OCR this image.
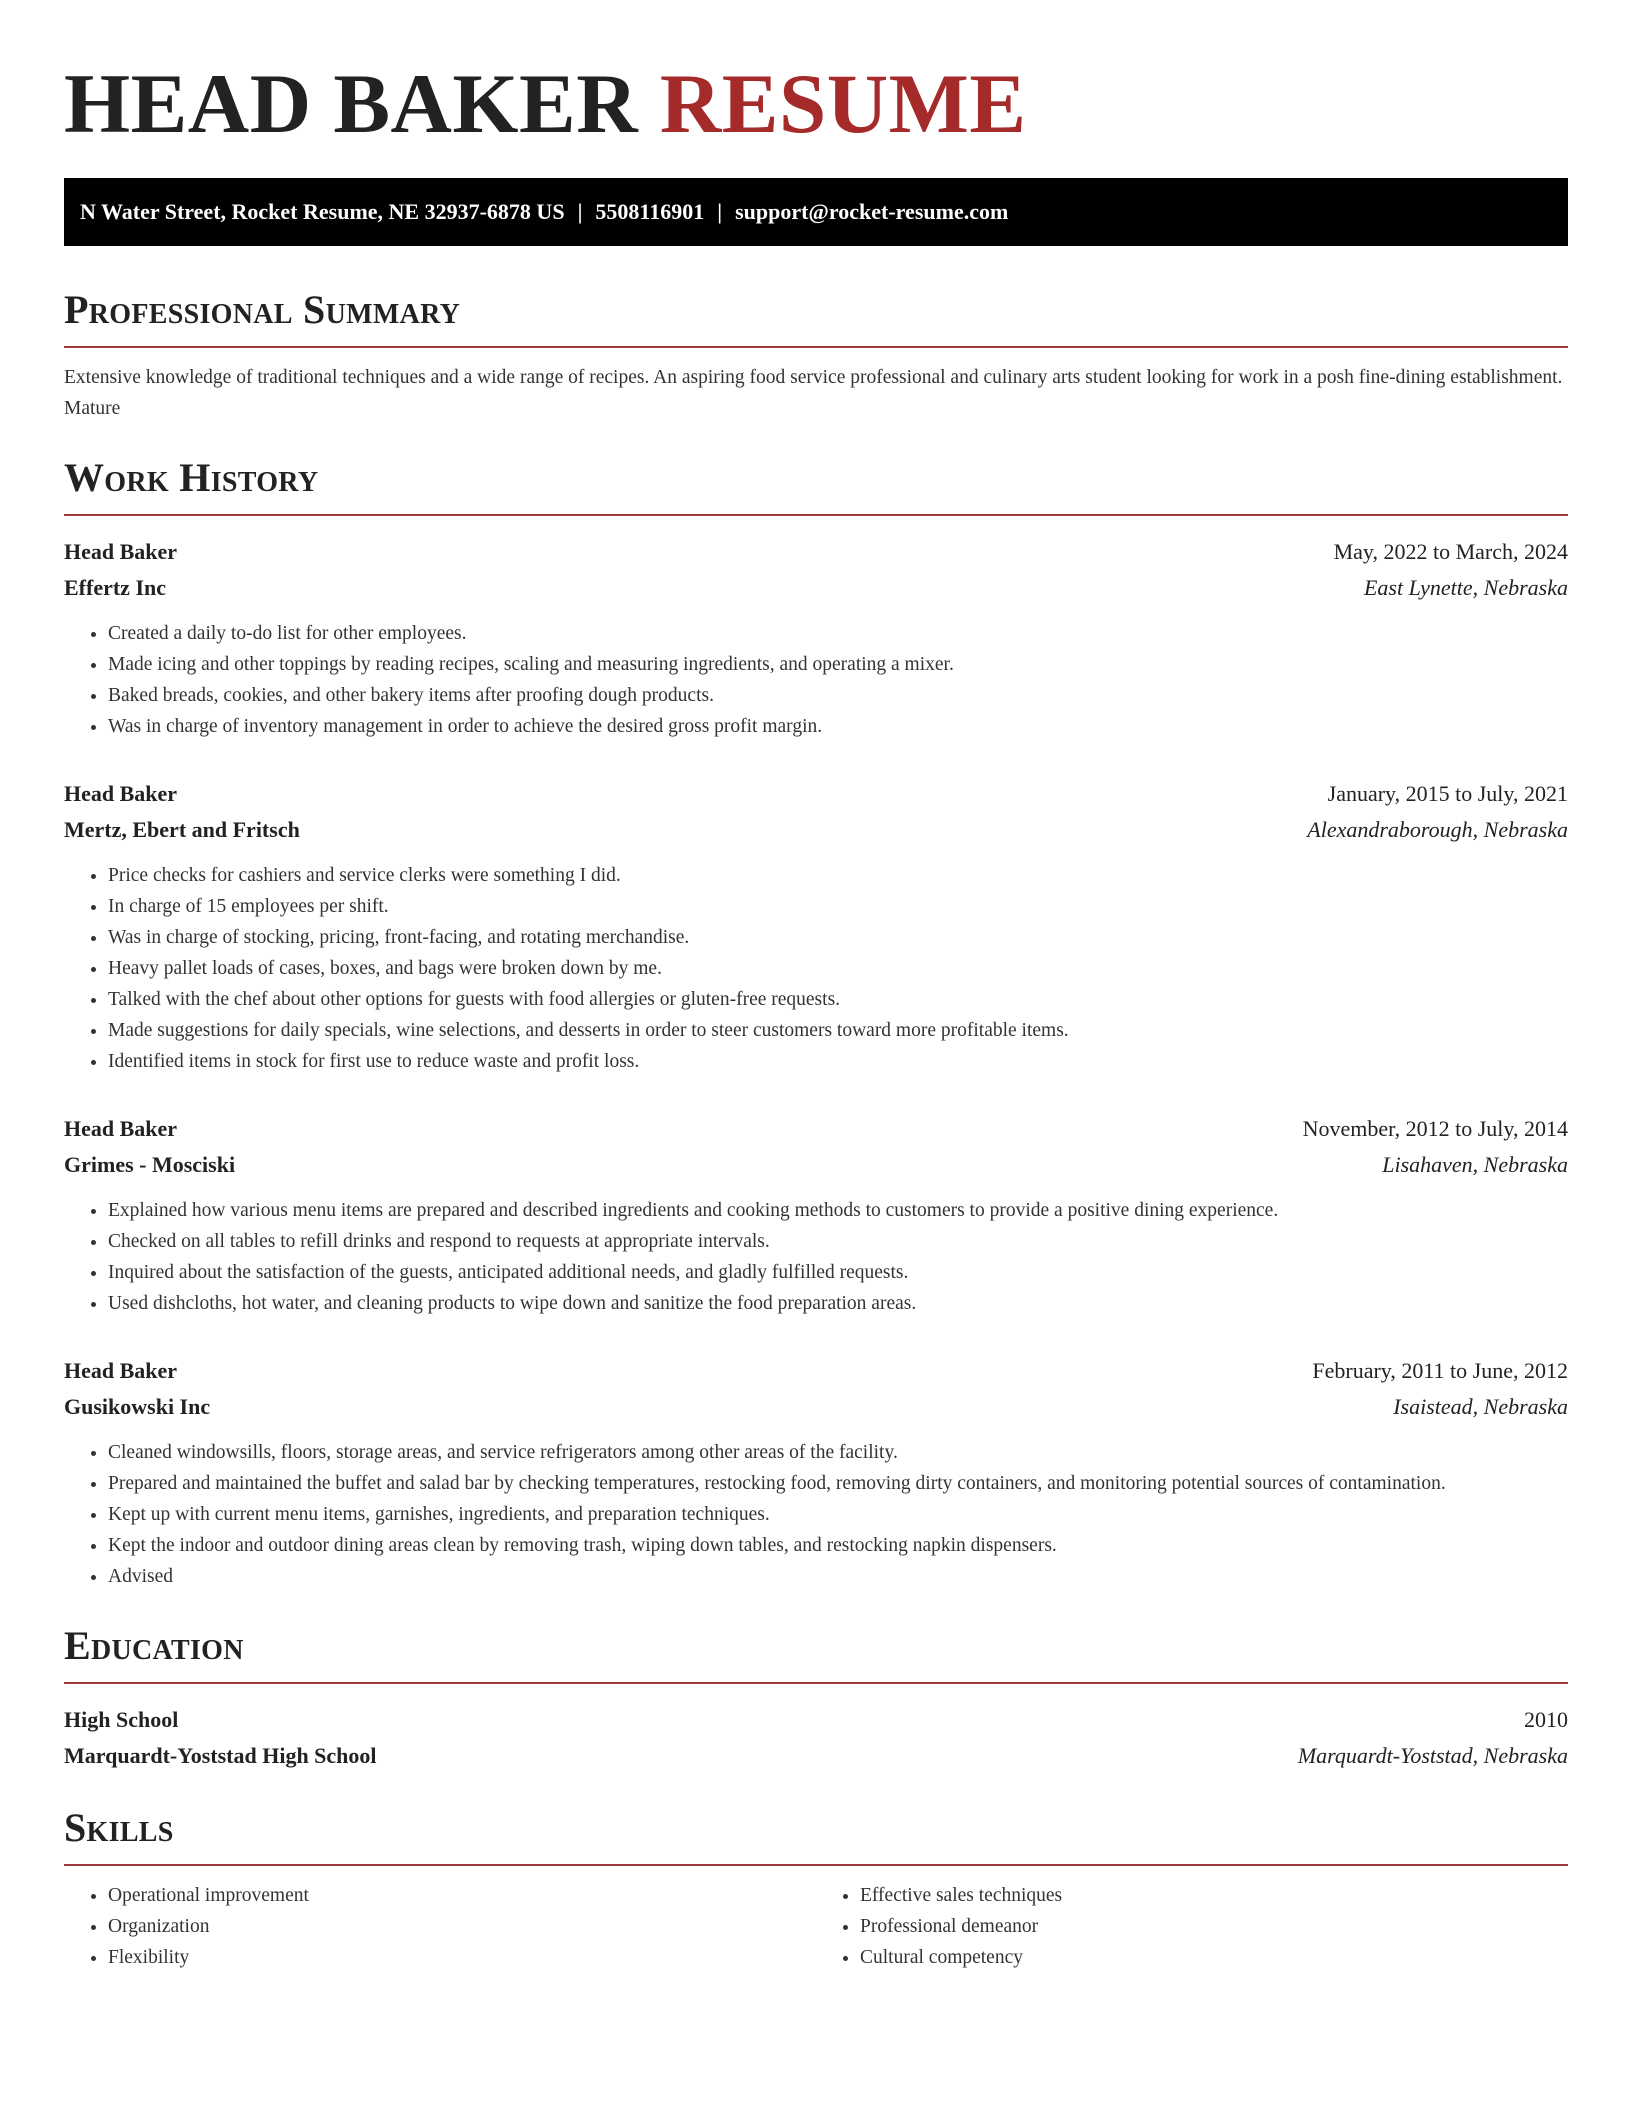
HEAD BAKER RESUME
N Water Street, Rocket Resume, NE 32937-6878 US | 5508116901 | support@rocket-resume.com
Professional Summary

Extensive knowledge of traditional techniques and a wide range of recipes. An aspiring food service professional and culinary arts student looking for work in a posh fine-dining establishment. Mature

Work History
Head Baker	May, 2022 to March, 2024
Effertz Inc	East Lynette, Nebraska
• Created a daily to-do list for other employees.
• Made icing and other toppings by reading recipes, scaling and measuring ingredients, and operating a mixer.
• Baked breads, cookies, and other bakery items after proofing dough products.
• Was in charge of inventory management in order to achieve the desired gross profit margin.
Head Baker	January, 2015 to July, 2021
Mertz, Ebert and Fritsch	Alexandraborough, Nebraska
• Price checks for cashiers and service clerks were something I did.
• In charge of 15 employees per shift.
• Was in charge of stocking, pricing, front-facing, and rotating merchandise.
• Heavy pallet loads of cases, boxes, and bags were broken down by me.
• Talked with the chef about other options for guests with food allergies or gluten-free requests.
• Made suggestions for daily specials, wine selections, and desserts in order to steer customers toward more profitable items.
• Identified items in stock for first use to reduce waste and profit loss.
Head Baker	November, 2012 to July, 2014
Grimes - Mosciski	Lisahaven, Nebraska
• Explained how various menu items are prepared and described ingredients and cooking methods to customers to provide a positive dining experience.
• Checked on all tables to refill drinks and respond to requests at appropriate intervals.
• Inquired about the satisfaction of the guests, anticipated additional needs, and gladly fulfilled requests.
• Used dishcloths, hot water, and cleaning products to wipe down and sanitize the food preparation areas.
Head Baker	February, 2011 to June, 2012
Gusikowski Inc	Isaistead, Nebraska
• Cleaned windowsills, floors, storage areas, and service refrigerators among other areas of the facility.
• Prepared and maintained the buffet and salad bar by checking temperatures, restocking food, removing dirty containers, and monitoring potential sources of contamination.
• Kept up with current menu items, garnishes, ingredients, and preparation techniques.
• Kept the indoor and outdoor dining areas clean by removing trash, wiping down tables, and restocking napkin dispensers.
• Advised
Education
High School	2010
Marquardt-Yoststad High School	Marquardt-Yoststad, Nebraska
Skills
• Operational improvement
• Organization
• Flexibility
• Effective sales techniques
• Professional demeanor
• Cultural competency
